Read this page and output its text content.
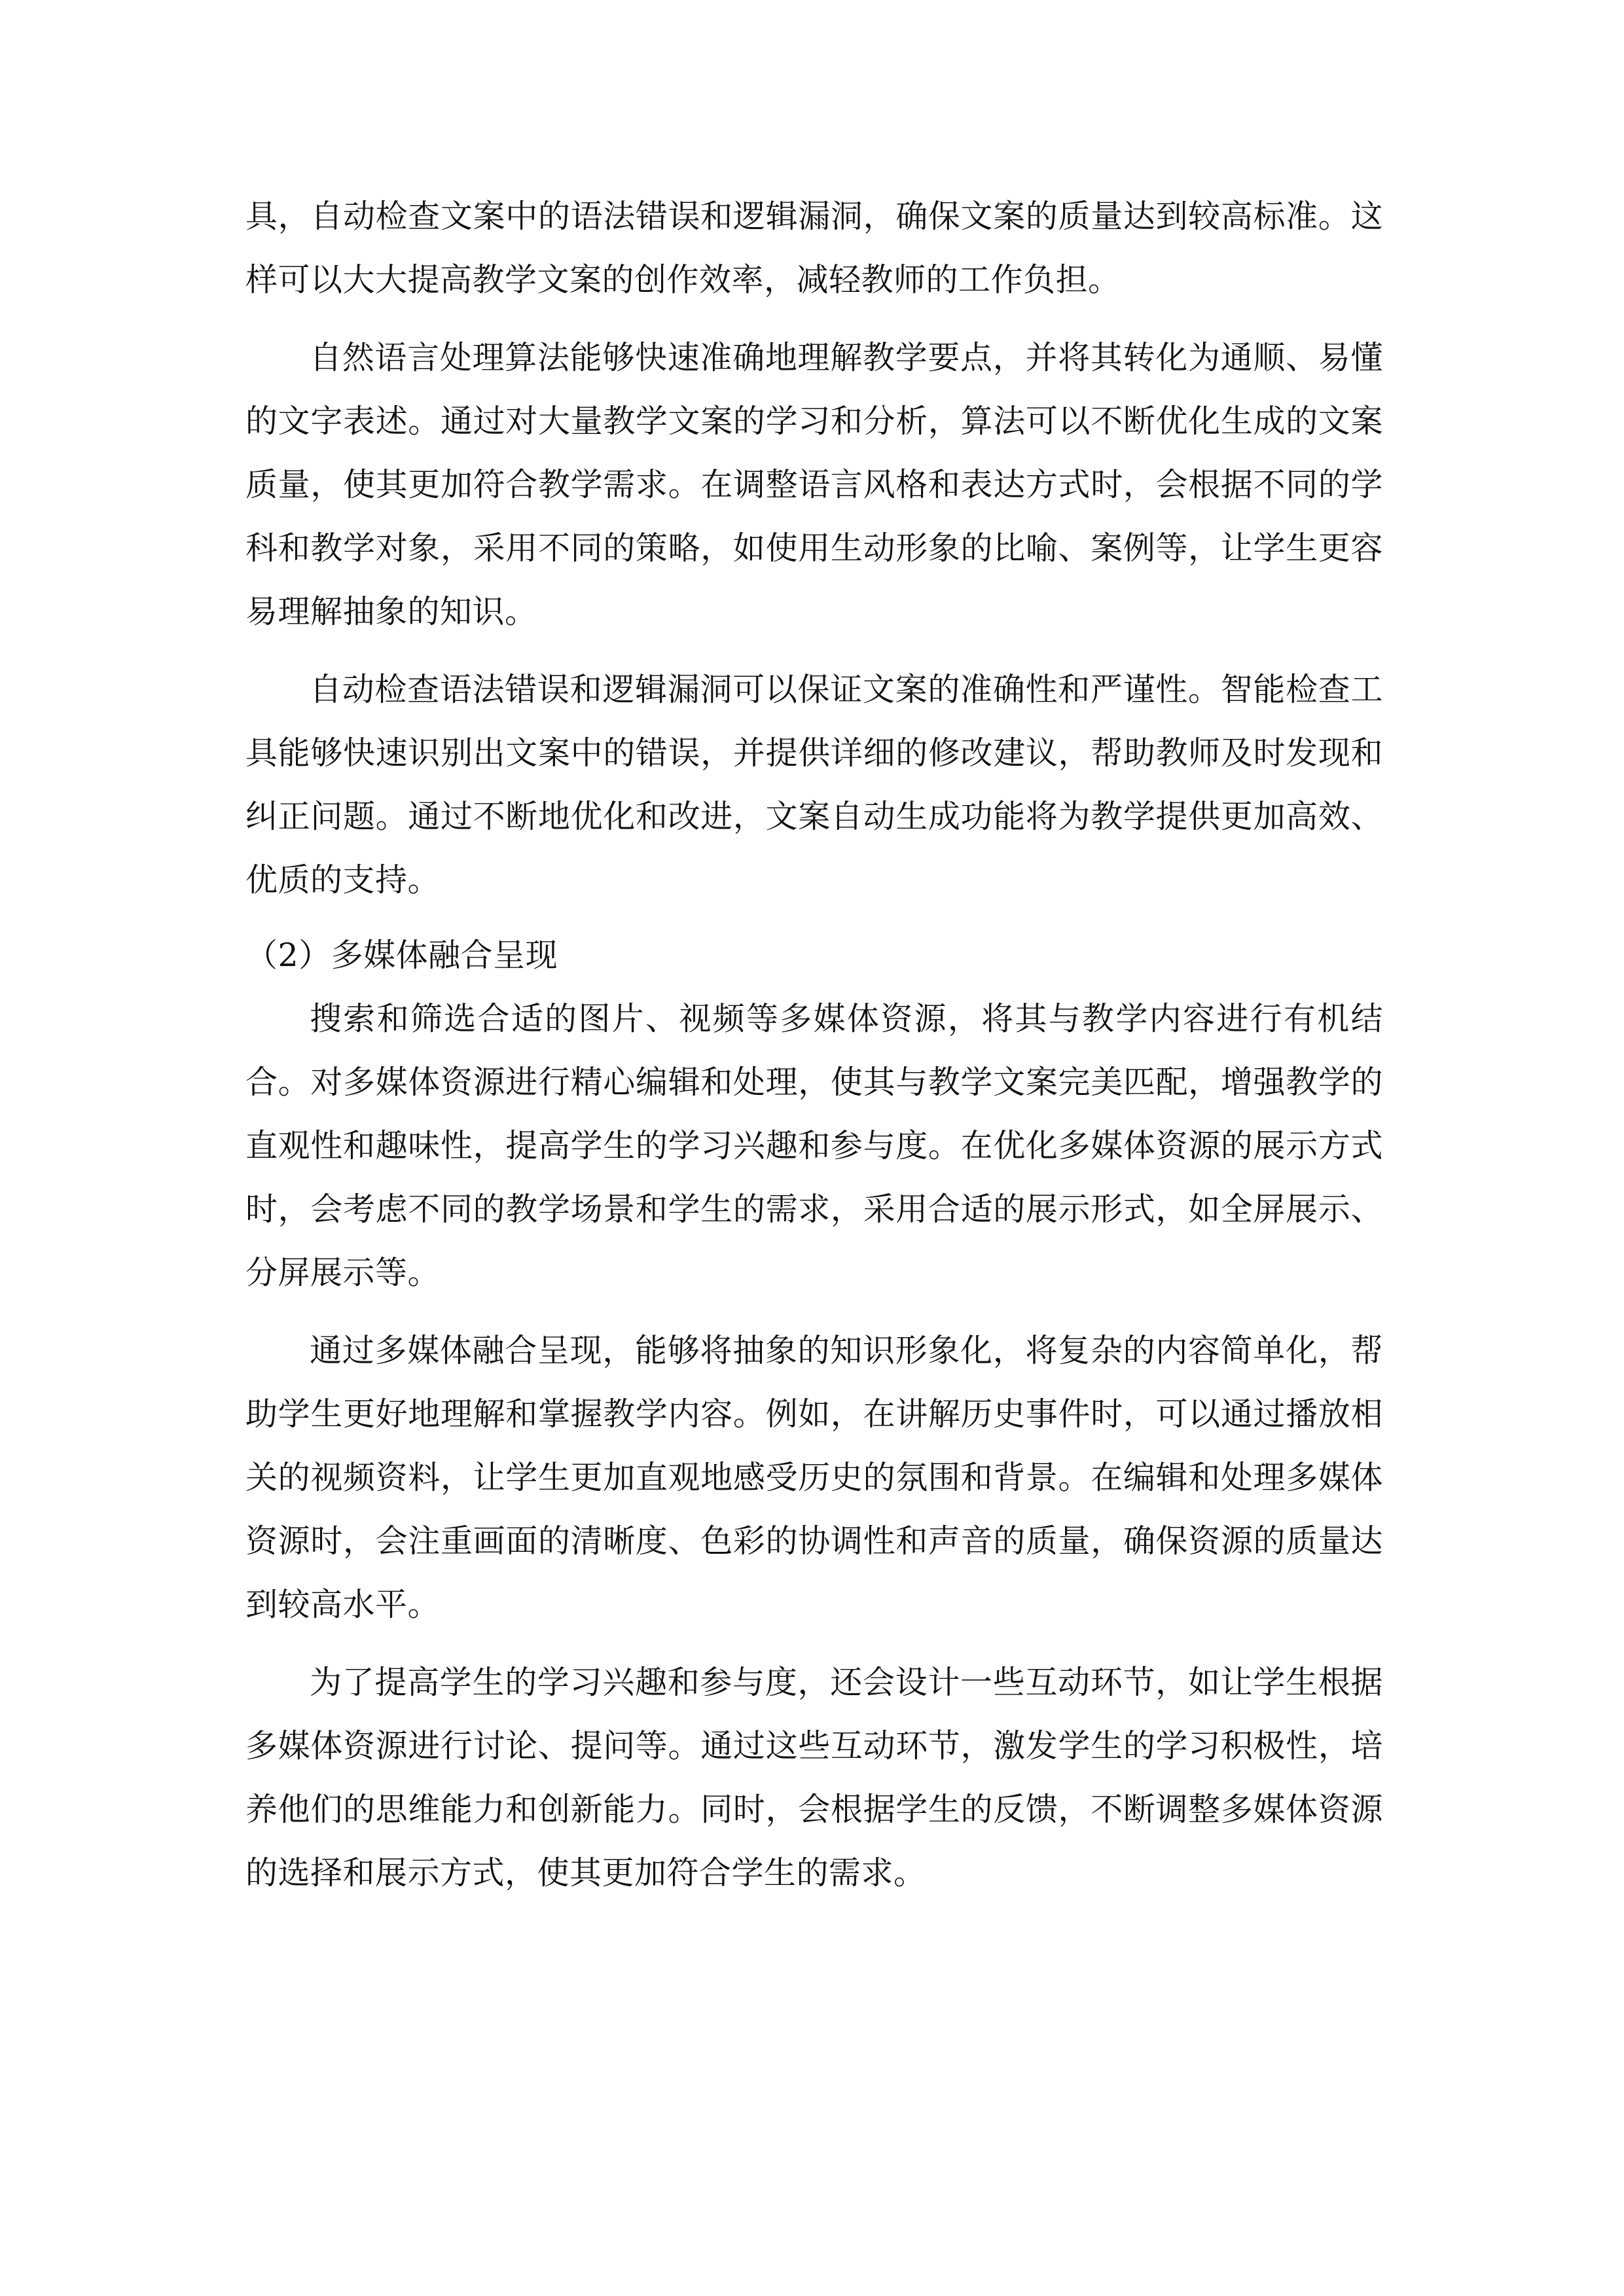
具，自动检查文案中的语法错误和逻辑漏洞，确保文案的质量达到较高标准。这样可以大大提高教学文案的创作效率，减轻教师的工作负担。

自然语言处理算法能够快速准确地理解教学要点，并将其转化为通顺、易懂的文字表述。通过对大量教学文案的学习和分析，算法可以不断优化生成的文案质量，使其更加符合教学需求。在调整语言风格和表达方式时，会根据不同的学科和教学对象，采用不同的策略，如使用生动形象的比喻、案例等，让学生更容易理解抽象的知识。

自动检查语法错误和逻辑漏洞可以保证文案的准确性和严谨性。智能检查工具能够快速识别出文案中的错误，并提供详细的修改建议，帮助教师及时发现和纠正问题。通过不断地优化和改进，文案自动生成功能将为教学提供更加高效、优质的支持。

（2）多媒体融合呈现

搜索和筛选合适的图片、视频等多媒体资源，将其与教学内容进行有机结合。对多媒体资源进行精心编辑和处理，使其与教学文案完美匹配，增强教学的直观性和趣味性，提高学生的学习兴趣和参与度。在优化多媒体资源的展示方式时，会考虑不同的教学场景和学生的需求，采用合适的展示形式，如全屏展示、分屏展示等。

通过多媒体融合呈现，能够将抽象的知识形象化，将复杂的内容简单化，帮助学生更好地理解和掌握教学内容。例如，在讲解历史事件时，可以通过播放相关的视频资料，让学生更加直观地感受历史的氛围和背景。在编辑和处理多媒体资源时，会注重画面的清晰度、色彩的协调性和声音的质量，确保资源的质量达到较高水平。

为了提高学生的学习兴趣和参与度，还会设计一些互动环节，如让学生根据多媒体资源进行讨论、提问等。通过这些互动环节，激发学生的学习积极性，培养他们的思维能力和创新能力。同时，会根据学生的反馈，不断调整多媒体资源的选择和展示方式，使其更加符合学生的需求。
